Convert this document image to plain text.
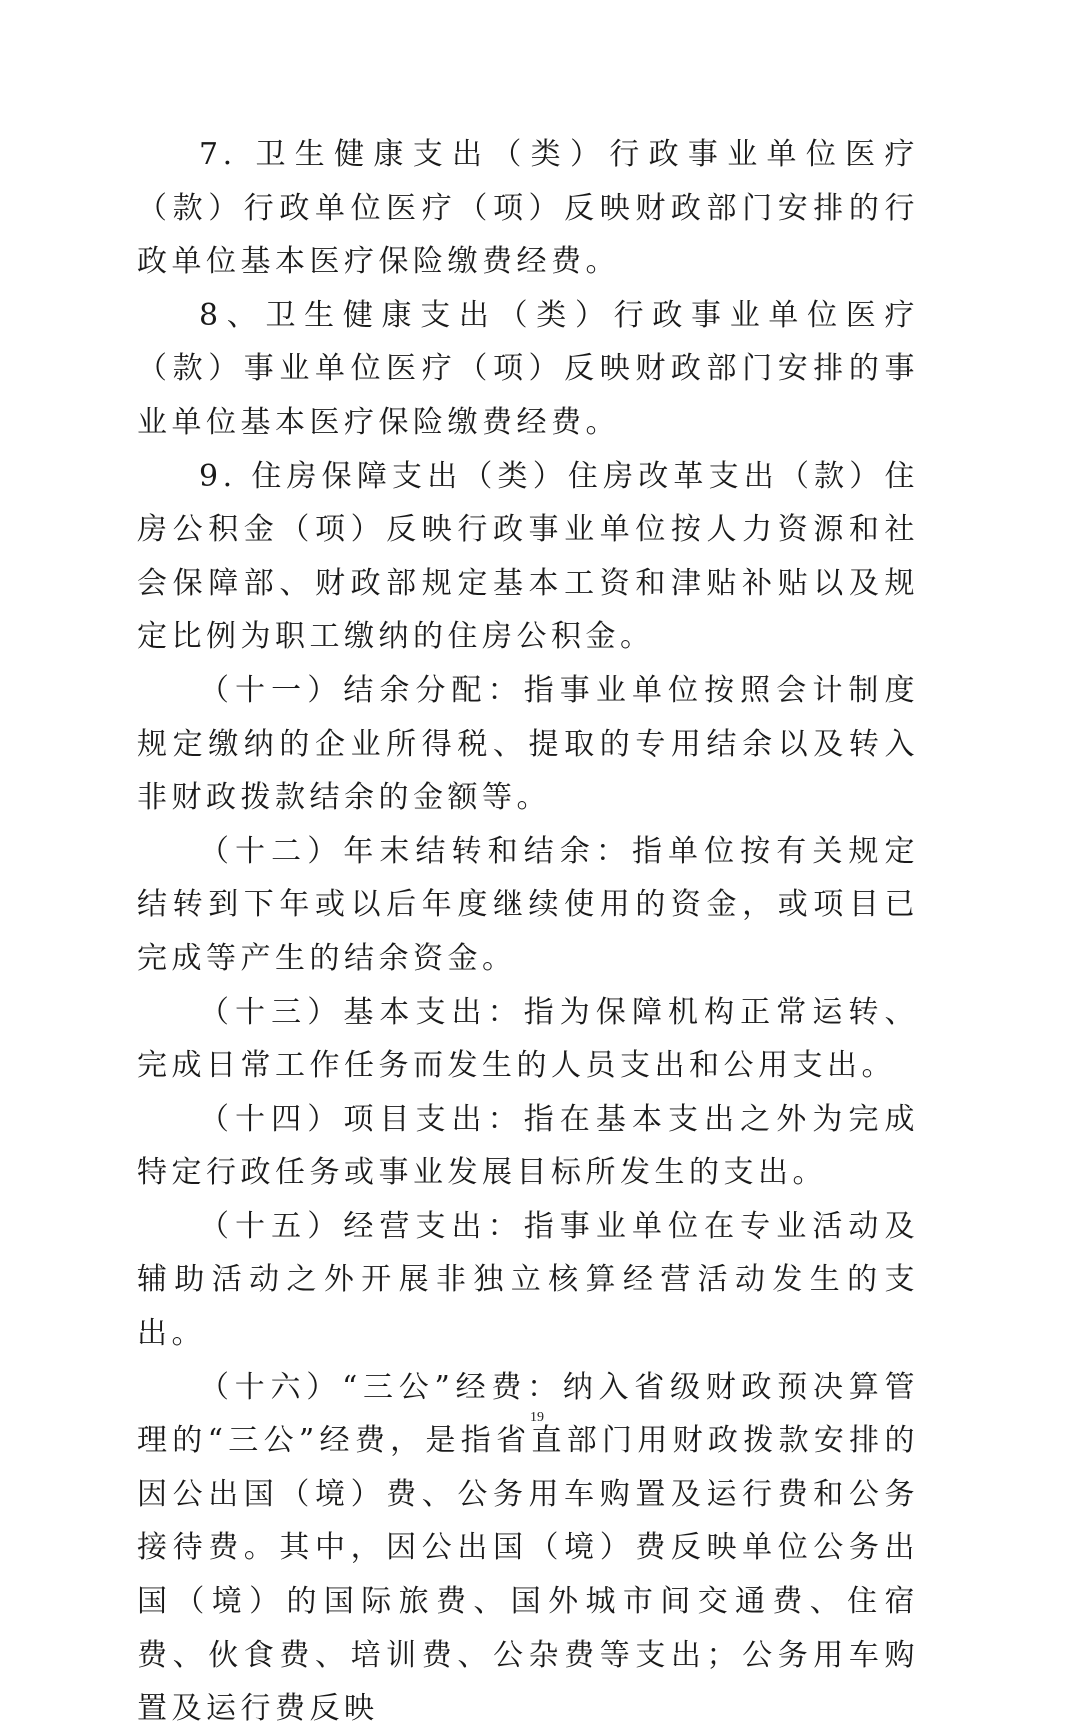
7. 卫生健康支出（类）行政事业单位医疗（款）行政单位医疗（项）反映财政部门安排的行政单位基本医疗保险缴费经费。

8、卫生健康支出（类）行政事业单位医疗（款）事业单位医疗（项）反映财政部门安排的事业单位基本医疗保险缴费经费。

9. 住房保障支出（类）住房改革支出（款）住房公积金（项）反映行政事业单位按人力资源和社会保障部、财政部规定基本工资和津贴补贴以及规定比例为职工缴纳的住房公积金。

（十一）结余分配：指事业单位按照会计制度规定缴纳的企业所得税、提取的专用结余以及转入非财政拨款结余的金额等。

（十二）年末结转和结余：指单位按有关规定结转到下年或以后年度继续使用的资金，或项目已完成等产生的结余资金。

（十三）基本支出：指为保障机构正常运转、完成日常工作任务而发生的人员支出和公用支出。

（十四）项目支出：指在基本支出之外为完成特定行政任务或事业发展目标所发生的支出。

（十五）经营支出：指事业单位在专业活动及辅助活动之外开展非独立核算经营活动发生的支出。

（十六）“三公”经费：纳入省级财政预决算管理的“三公”经费，是指省直部门用财政拨款安排的因公出国（境）费、公务用车购置及运行费和公务接待费。其中，因公出国（境）费反映单位公务出国（境）的国际旅费、国外城市间交通费、住宿费、伙食费、培训费、公杂费等支出；公务用车购置及运行费反映

19
